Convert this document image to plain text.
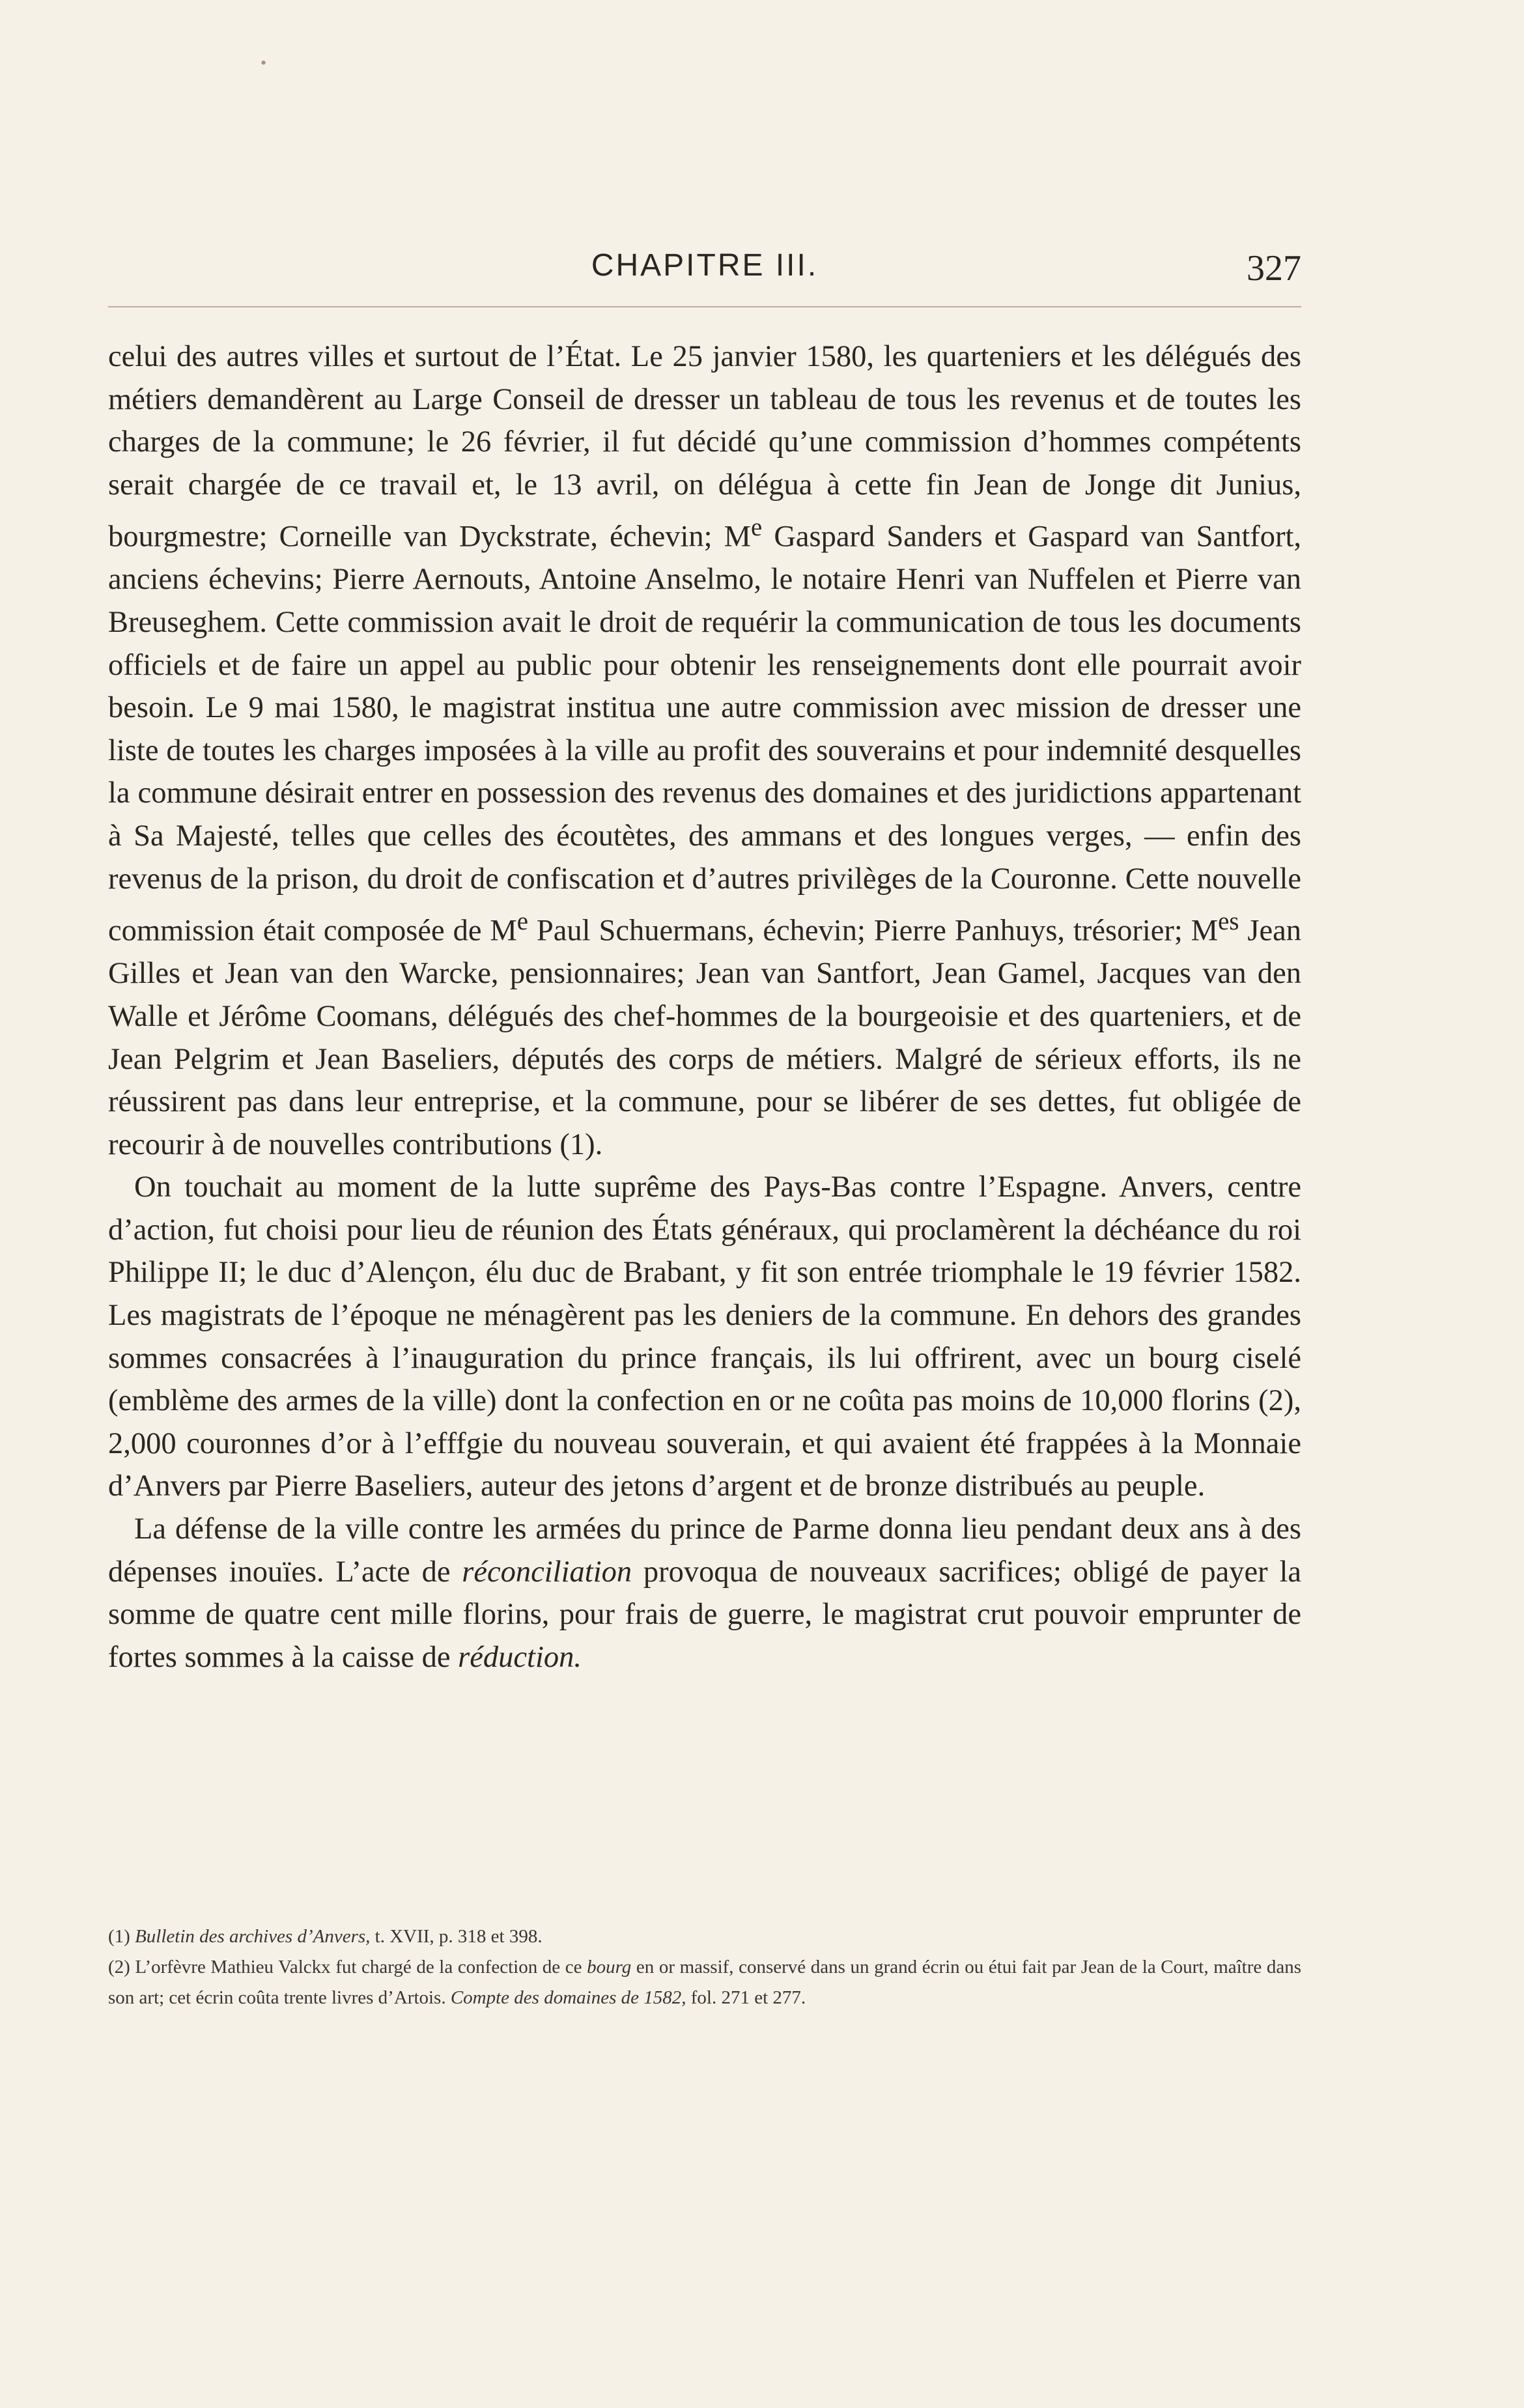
•
CHAPITRE III.	327

celui des autres villes et surtout de l’État. Le 25 janvier 1580, les quarteniers et les délégués des métiers demandèrent au Large Conseil de dresser un tableau de tous les revenus et de toutes les charges de la commune; le 26 février, il fut décidé qu’une commission d’hommes compétents serait chargée de ce travail et, le 13 avril, on délégua à cette fin Jean de Jonge dit Junius, bourgmestre; Corneille van Dyckstrate, échevin; Me Gaspard Sanders et Gaspard van Santfort, anciens échevins; Pierre Aernouts, Antoine Anselmo, le notaire Henri van Nuffelen et Pierre van Breuseghem. Cette commission avait le droit de requérir la communication de tous les documents officiels et de faire un appel au public pour obtenir les renseignements dont elle pourrait avoir besoin. Le 9 mai 1580, le magistrat institua une autre commission avec mission de dresser une liste de toutes les charges imposées à la ville au profit des souverains et pour indemnité desquelles la commune désirait entrer en possession des revenus des domaines et des juridictions appartenant à Sa Majesté, telles que celles des écoutètes, des ammans et des longues verges, — enfin des revenus de la prison, du droit de confiscation et d’autres privilèges de la Couronne. Cette nouvelle commission était composée de Me Paul Schuermans, échevin; Pierre Panhuys, trésorier; $M^{es}$ Jean Gilles et Jean van den Warcke, pensionnaires; Jean van Santfort, Jean Gamel, Jacques van den Walle et Jérôme Coomans, délégués des chef-hommes de la bourgeoisie et des quarteniers, et de Jean Pelgrim et Jean Baseliers, députés des corps de métiers. Malgré de sérieux efforts, ils ne réussirent pas dans leur entreprise, et la commune, pour se libérer de ses dettes, fut obligée de recourir à de nouvelles contributions (1).

On touchait au moment de la lutte suprême des Pays-Bas contre l’Espagne. Anvers, centre d’action, fut choisi pour lieu de réunion des États généraux, qui proclamèrent la déchéance du roi Philippe II; le duc d’Alençon, élu duc de Brabant, y fit son entrée triomphale le 19 février 1582. Les magistrats de l’époque ne ménagèrent pas les deniers de la commune. En dehors des grandes sommes consacrées à l’inauguration du prince français, ils lui offrirent, avec un bourg ciselé (emblème des armes de la ville) dont la confection en or ne coûta pas moins de 10,000 florins (2), 2,000 couronnes d’or à l’efffgie du nouveau souverain, et qui avaient été frappées à la Monnaie d’Anvers par Pierre Baseliers, auteur des jetons d’argent et de bronze distribués au peuple.

La défense de la ville contre les armées du prince de Parme donna lieu pendant deux ans à des dépenses inouïes. L’acte de réconciliation provoqua de nouveaux sacrifices; obligé de payer la somme de quatre cent mille florins, pour frais de guerre, le magistrat crut pouvoir emprunter de fortes sommes à la caisse de réduction.

(1) Bulletin des archives d’Anvers, t. XVII, p. 318 et 398.

(2) L’orfèvre Mathieu Valckx fut chargé de la confection de ce bourg en or massif, conservé dans un grand écrin ou étui fait par Jean de la Court, maître dans son art; cet écrin coûta trente livres d’Artois. Compte des domaines de 1582, fol. 271 et 277.
